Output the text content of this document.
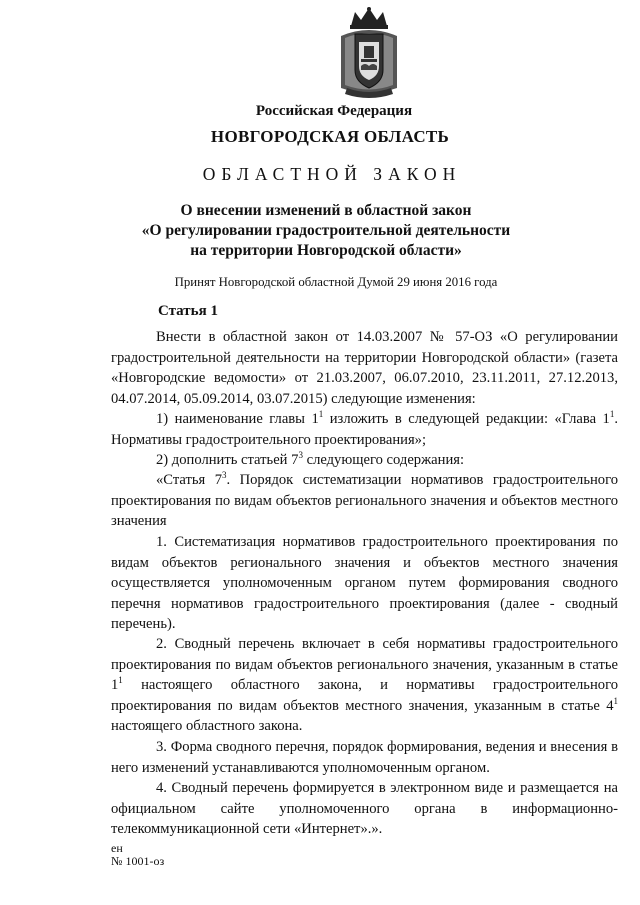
Российская Федерация
НОВГОРОДСКАЯ ОБЛАСТЬ
ОБЛАСТНОЙ ЗАКОН
О внесении изменений в областной закон
«О регулировании градостроительной деятельности
на территории Новгородской области»
Принят Новгородской областной Думой 29 июня 2016 года
Статья 1

Внести в областной закон от 14.03.2007 № 57-ОЗ «О регулировании градостроительной деятельности на территории Новгородской области» (газета «Новгородские ведомости» от 21.03.2007, 06.07.2010, 23.11.2011, 27.12.2013, 04.07.2014, 05.09.2014, 03.07.2015) следующие изменения:

1) наименование главы $1^1$ изложить в следующей редакции: «Глава $1^1$. Нормативы градостроительного проектирования»;

2) дополнить статьей $7^3$ следующего содержания:

«Статья $7^3$. Порядок систематизации нормативов градостроительного проектирования по видам объектов регионального значения и объектов местного значения

1. Систематизация нормативов градостроительного проектирования по видам объектов регионального значения и объектов местного значения осуществляется уполномоченным органом путем формирования сводного перечня нормативов градостроительного проектирования (далее - сводный перечень).

2. Сводный перечень включает в себя нормативы градостроительного проектирования по видам объектов регионального значения, указанным в статье $1^1$ настоящего областного закона, и нормативы градостроительного проектирования по видам объектов местного значения, указанным в статье $4^1$ настоящего областного закона.

3. Форма сводного перечня, порядок формирования, ведения и внесения в него изменений устанавливаются уполномоченным органом.

4. Сводный перечень формируется в электронном виде и размещается на официальном сайте уполномоченного органа в информационно-телекоммуникационной сети «Интернет».».

ен
№ 1001-оз
